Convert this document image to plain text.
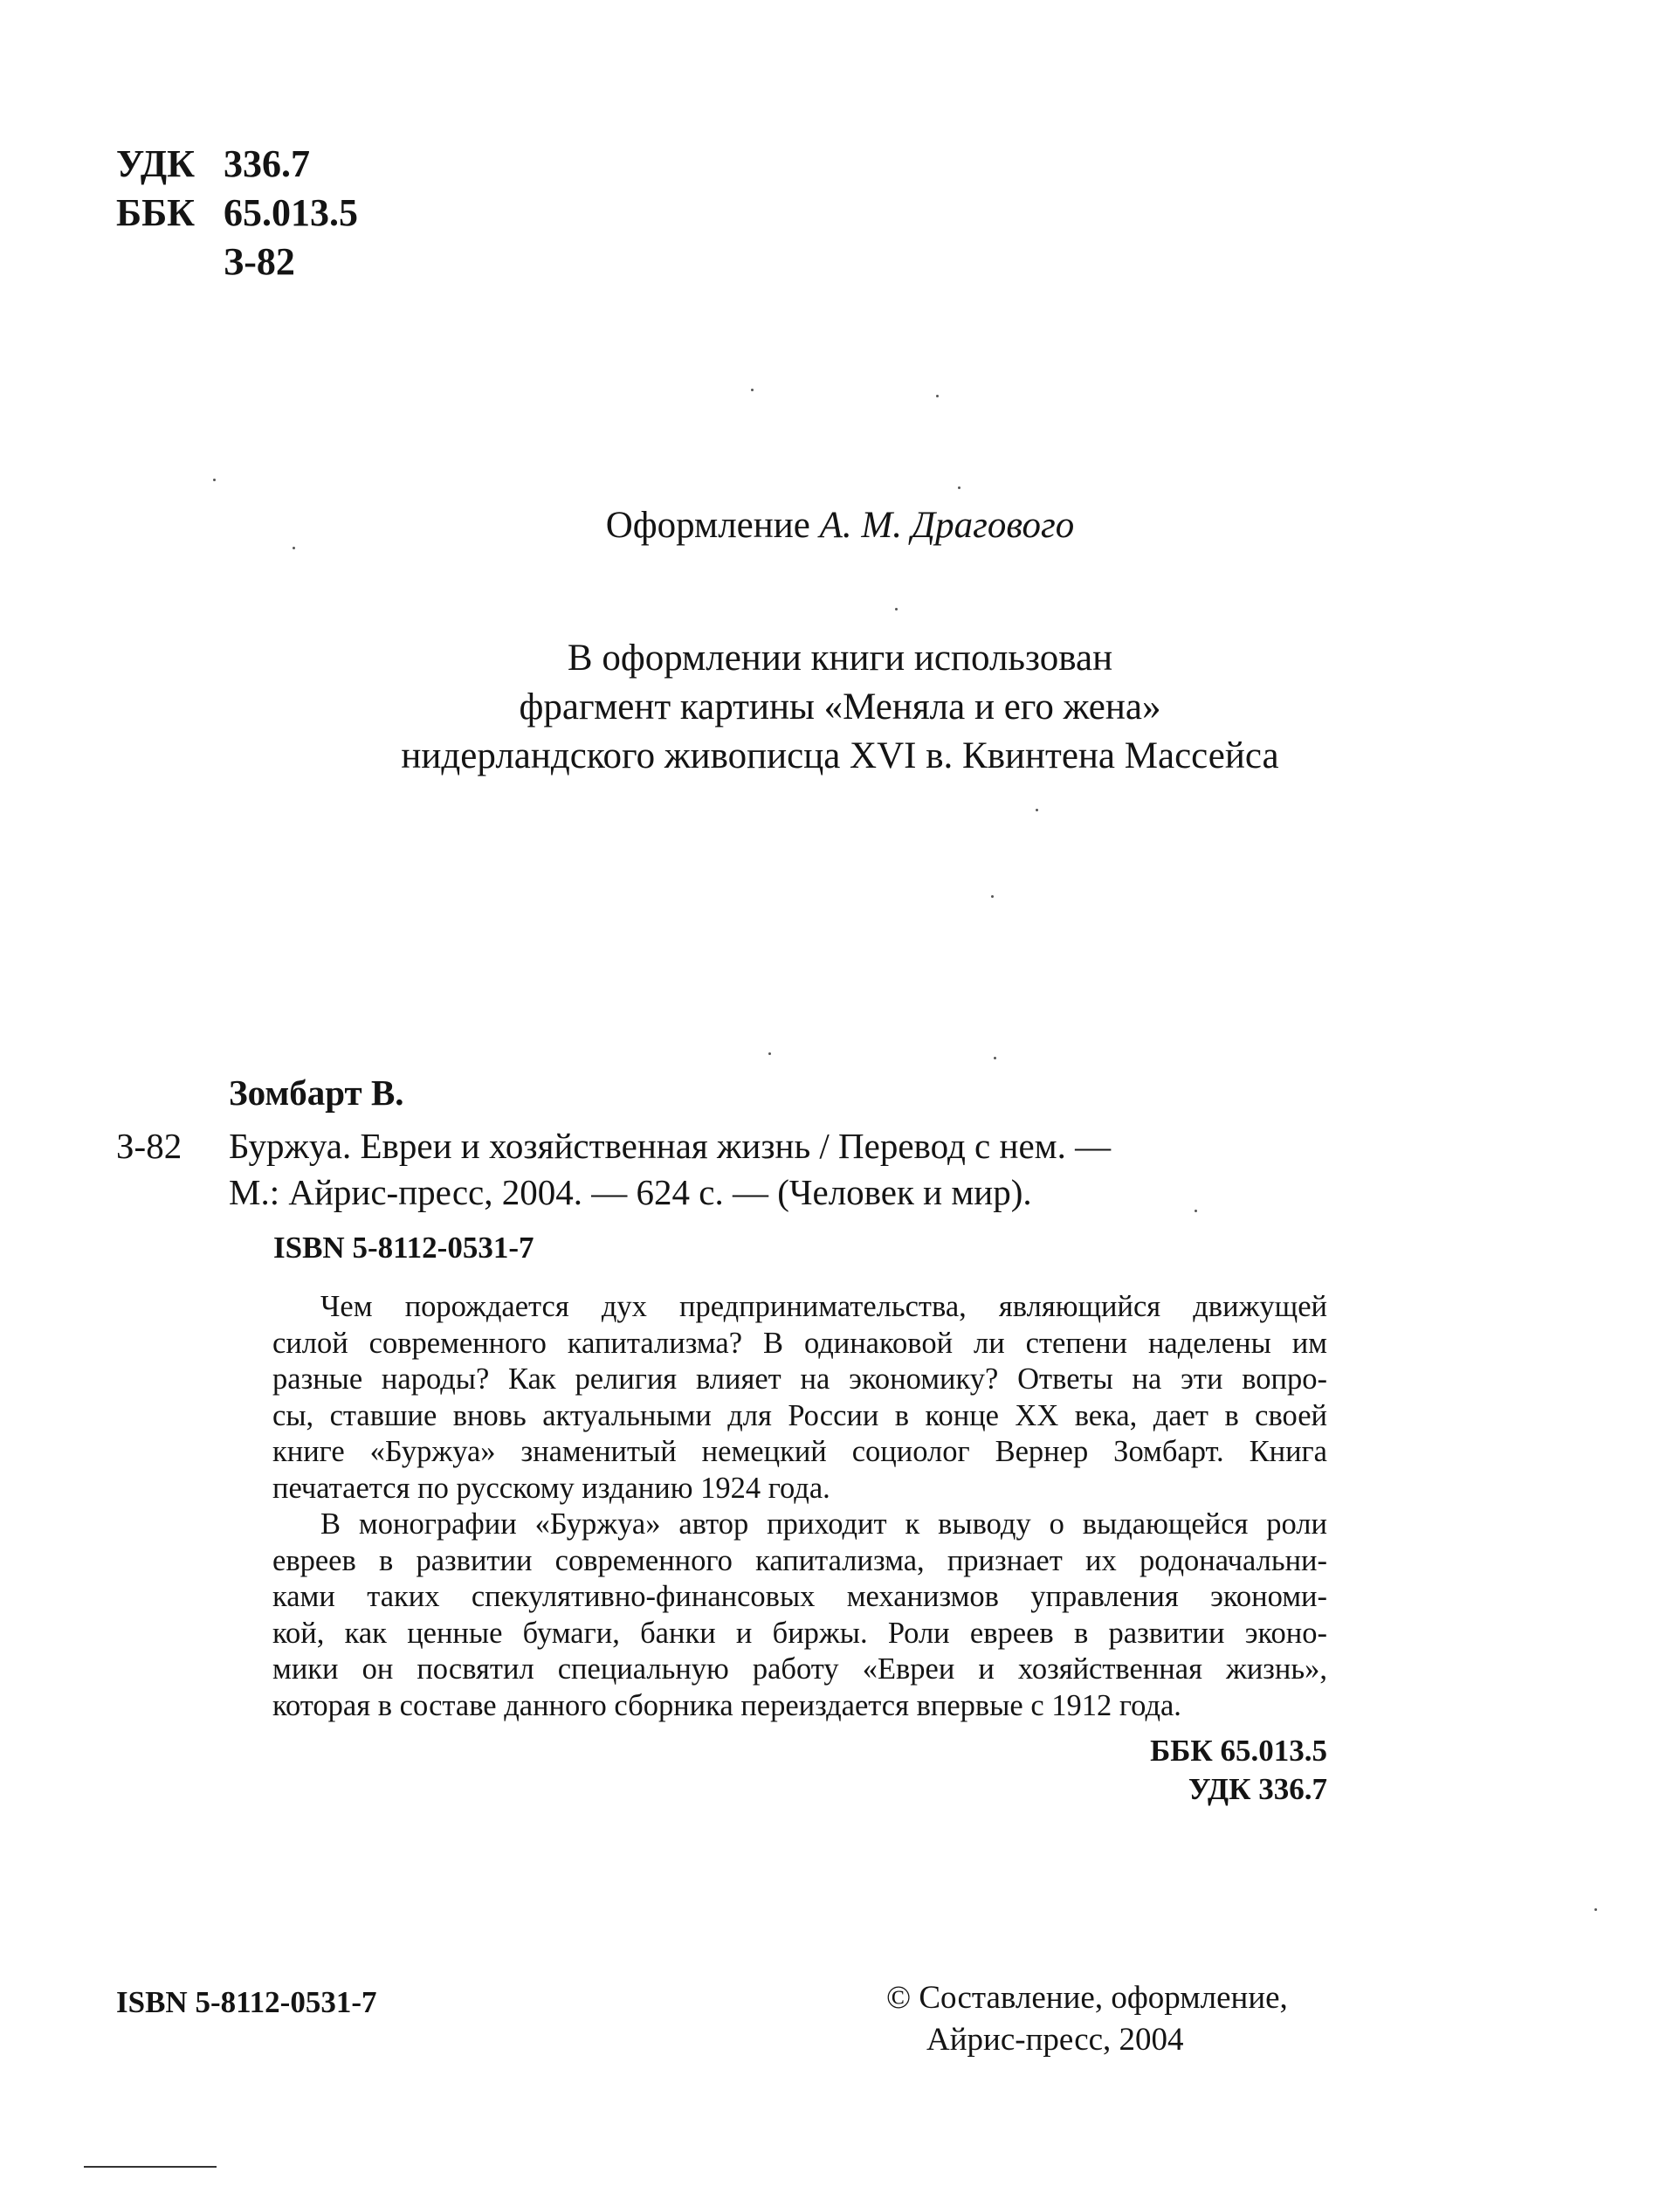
УДК 336.7
ББК 65.013.5
З-82
Оформление А. М. Драговогo
В оформлении книги использован
фрагмент картины «Меняла и его жена»
нидерландского живописца XVI в. Квинтена Массейса
Зомбарт В.
З-82 Буржуа. Евреи и хозяйственная жизнь / Перевод с нем. —
М.: Айрис-пресс, 2004. — 624 с. — (Человек и мир).
ISBN 5-8112-0531-7
Чем порождается дух предпринимательства, являющийся движущей
силой современного капитализма? В одинаковой ли степени наделены им
разные народы? Как религия влияет на экономику? Ответы на эти вопро-
сы, ставшие вновь актуальными для России в конце XX века, дает в своей
книге «Буржуа» знаменитый немецкий социолог Вернер Зомбарт. Книга
печатается по русскому изданию 1924 года.
В монографии «Буржуа» автор приходит к выводу о выдающейся роли
евреев в развитии современного капитализма, признает их родоначальни-
ками таких спекулятивно-финансовых механизмов управления экономи-
кой, как ценные бумаги, банки и биржы. Роли евреев в развитии эконо-
мики он посвятил специальную работу «Евреи и хозяйственная жизнь»,
которая в составе данного сборника переиздается впервые с 1912 года.
ББК 65.013.5
УДК 336.7
ISBN 5-8112-0531-7	© Составление, оформление,
Айрис-пресс, 2004
